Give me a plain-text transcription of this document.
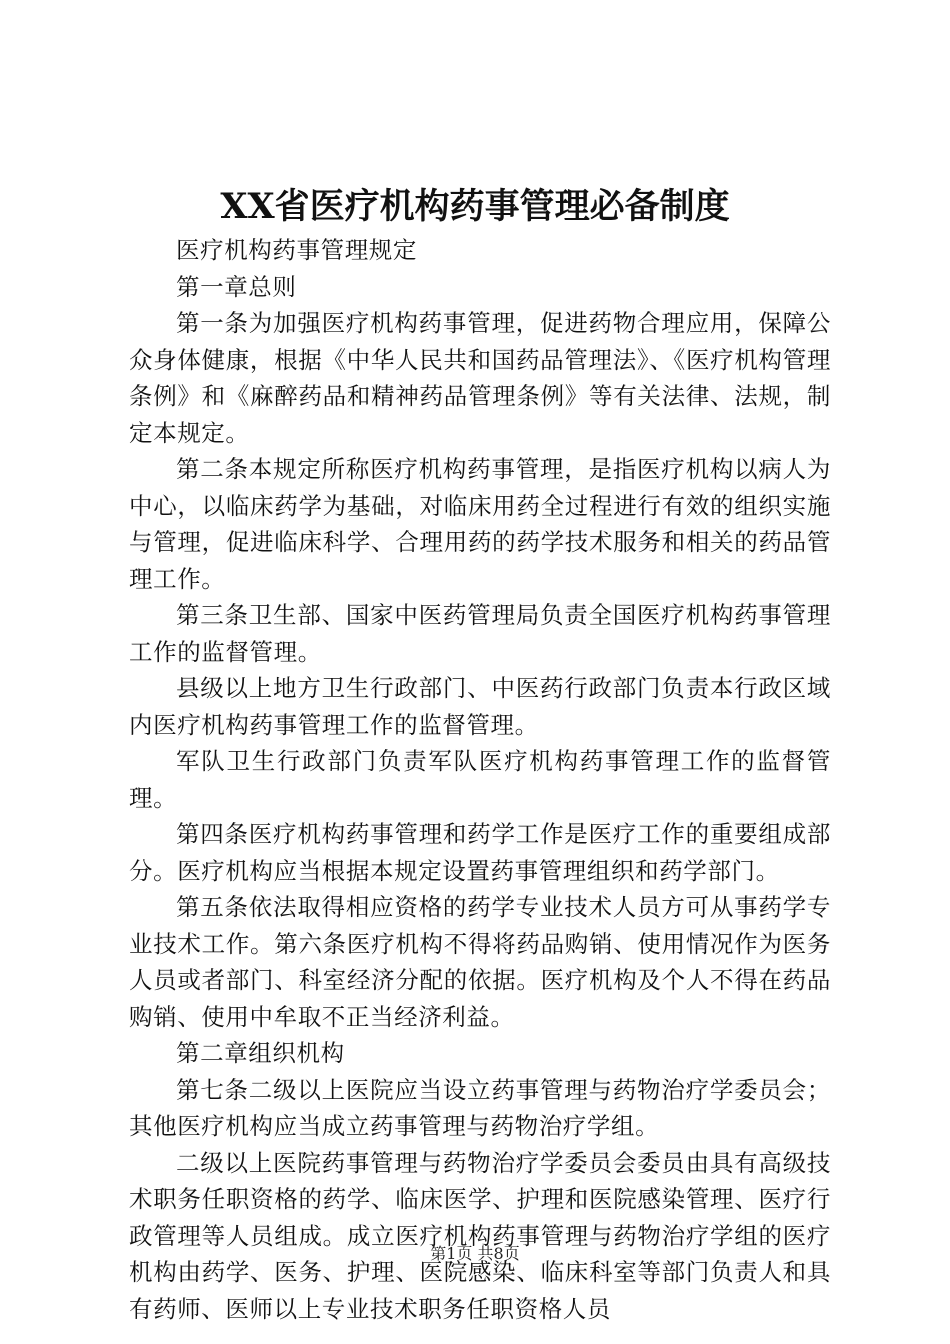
XX省医疗机构药事管理必备制度

医疗机构药事管理规定

第一章总则

第一条为加强医疗机构药事管理，促进药物合理应用，保障公众身体健康，根据《中华人民共和国药品管理法》、《医疗机构管理条例》和《麻醉药品和精神药品管理条例》等有关法律、法规，制定本规定。

第二条本规定所称医疗机构药事管理，是指医疗机构以病人为中心，以临床药学为基础，对临床用药全过程进行有效的组织实施与管理，促进临床科学、合理用药的药学技术服务和相关的药品管理工作。

第三条卫生部、国家中医药管理局负责全国医疗机构药事管理工作的监督管理。

县级以上地方卫生行政部门、中医药行政部门负责本行政区域内医疗机构药事管理工作的监督管理。

军队卫生行政部门负责军队医疗机构药事管理工作的监督管理。

第四条医疗机构药事管理和药学工作是医疗工作的重要组成部分。医疗机构应当根据本规定设置药事管理组织和药学部门。

第五条依法取得相应资格的药学专业技术人员方可从事药学专业技术工作。第六条医疗机构不得将药品购销、使用情况作为医务人员或者部门、科室经济分配的依据。医疗机构及个人不得在药品购销、使用中牟取不正当经济利益。

第二章组织机构

第七条二级以上医院应当设立药事管理与药物治疗学委员会；其他医疗机构应当成立药事管理与药物治疗学组。

二级以上医院药事管理与药物治疗学委员会委员由具有高级技术职务任职资格的药学、临床医学、护理和医院感染管理、医疗行政管理等人员组成。成立医疗机构药事管理与药物治疗学组的医疗机构由药学、医务、护理、医院感染、临床科室等部门负责人和具有药师、医师以上专业技术职务任职资格人员

第1页 共8页
